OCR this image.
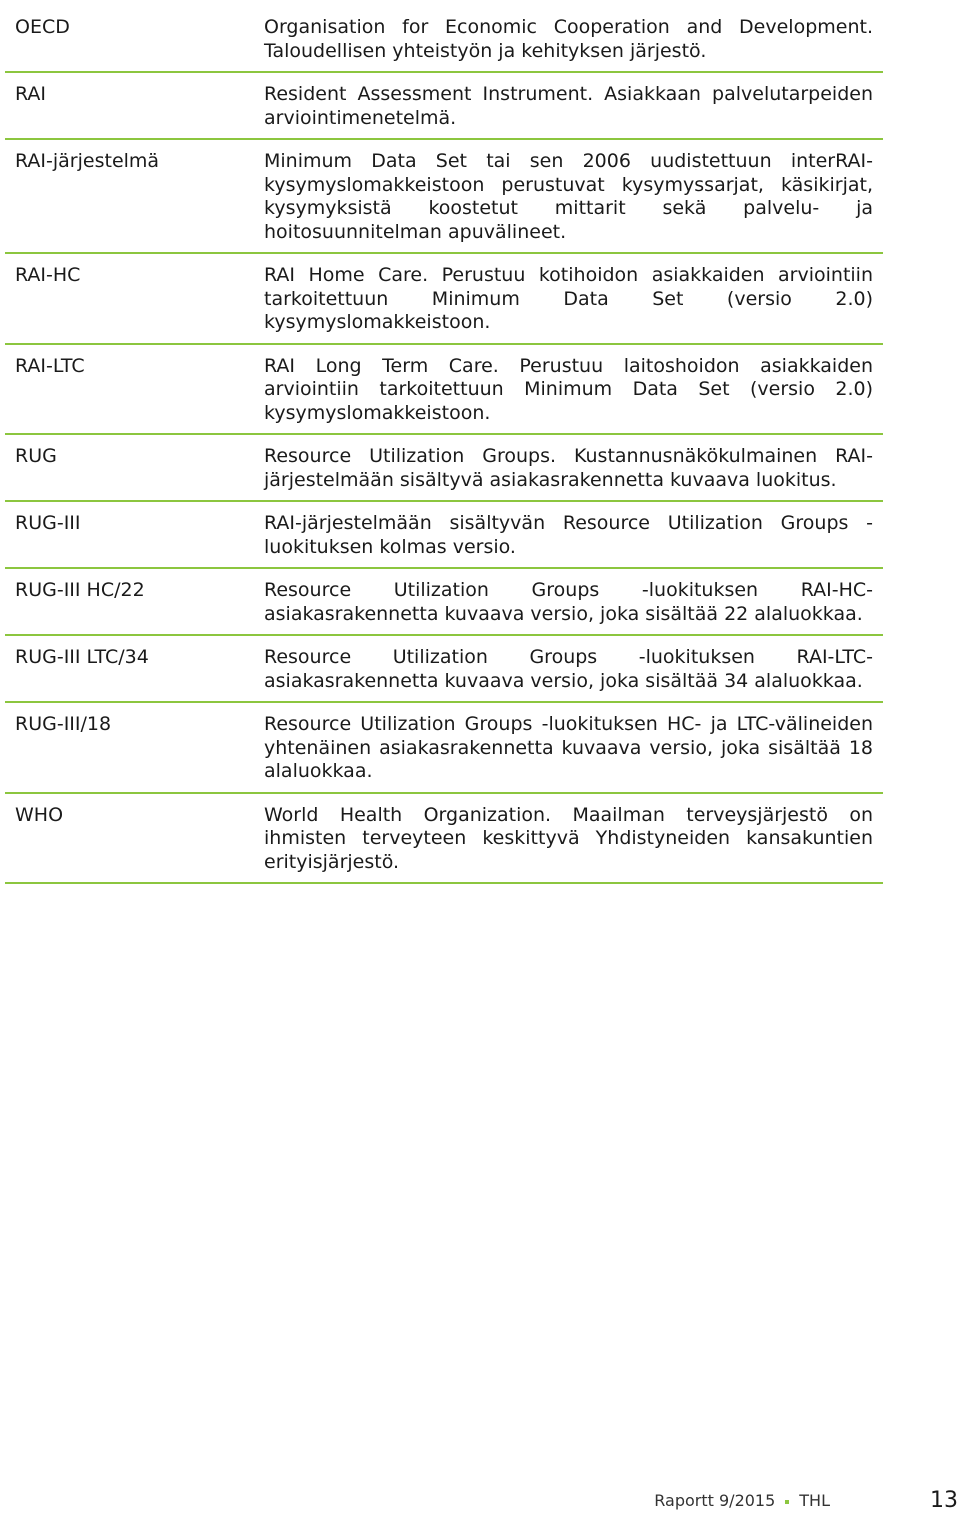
OECD	Organisation for Economic Cooperation and Development. Taloudellisen yhteistyön ja kehityksen järjestö.
RAI	Resident Assessment Instrument. Asiakkaan palvelutarpeiden arviointimenetelmä.
RAI-järjestelmä	Minimum Data Set tai sen 2006 uudistettuun interRAI- kysymyslomakkeistoon perustuvat kysymyssarjat, käsikirjat, kysymyksistä koostetut mittarit sekä palvelu- ja hoitosuunnitelman apuvälineet.
RAI-HC	RAI Home Care. Perustuu kotihoidon asiakkaiden arviointiin tarkoitettuun Minimum Data Set (versio 2.0) kysymyslomakkeistoon.
RAI-LTC	RAI Long Term Care. Perustuu laitoshoidon asiakkaiden arviointiin tarkoitettuun Minimum Data Set (versio 2.0) kysymyslomakkeistoon.
RUG	Resource Utilization Groups. Kustannusnäkökulmainen RAI-järjestelmään sisältyvä asiakasrakennetta kuvaava luokitus.
RUG-III	RAI-järjestelmään sisältyvän Resource Utilization Groups -luokituksen kolmas versio.
RUG-III HC/22	Resource Utilization Groups -luokituksen RAI-HC-asiakasrakennetta kuvaava versio, joka sisältää 22 alaluokkaa.
RUG-III LTC/34	Resource Utilization Groups -luokituksen RAI-LTC-asiakasrakennetta kuvaava versio, joka sisältää 34 alaluokkaa.
RUG-III/18	Resource Utilization Groups -luokituksen HC- ja LTC-välineiden yhtenäinen asiakasrakennetta kuvaava versio, joka sisältää 18 alaluokkaa.
WHO	World Health Organization. Maailman terveysjärjestö on ihmisten terveyteen keskittyvä Yhdistyneiden kansakuntien erityisjärjestö.
Raportt 9/2015 THL	13
